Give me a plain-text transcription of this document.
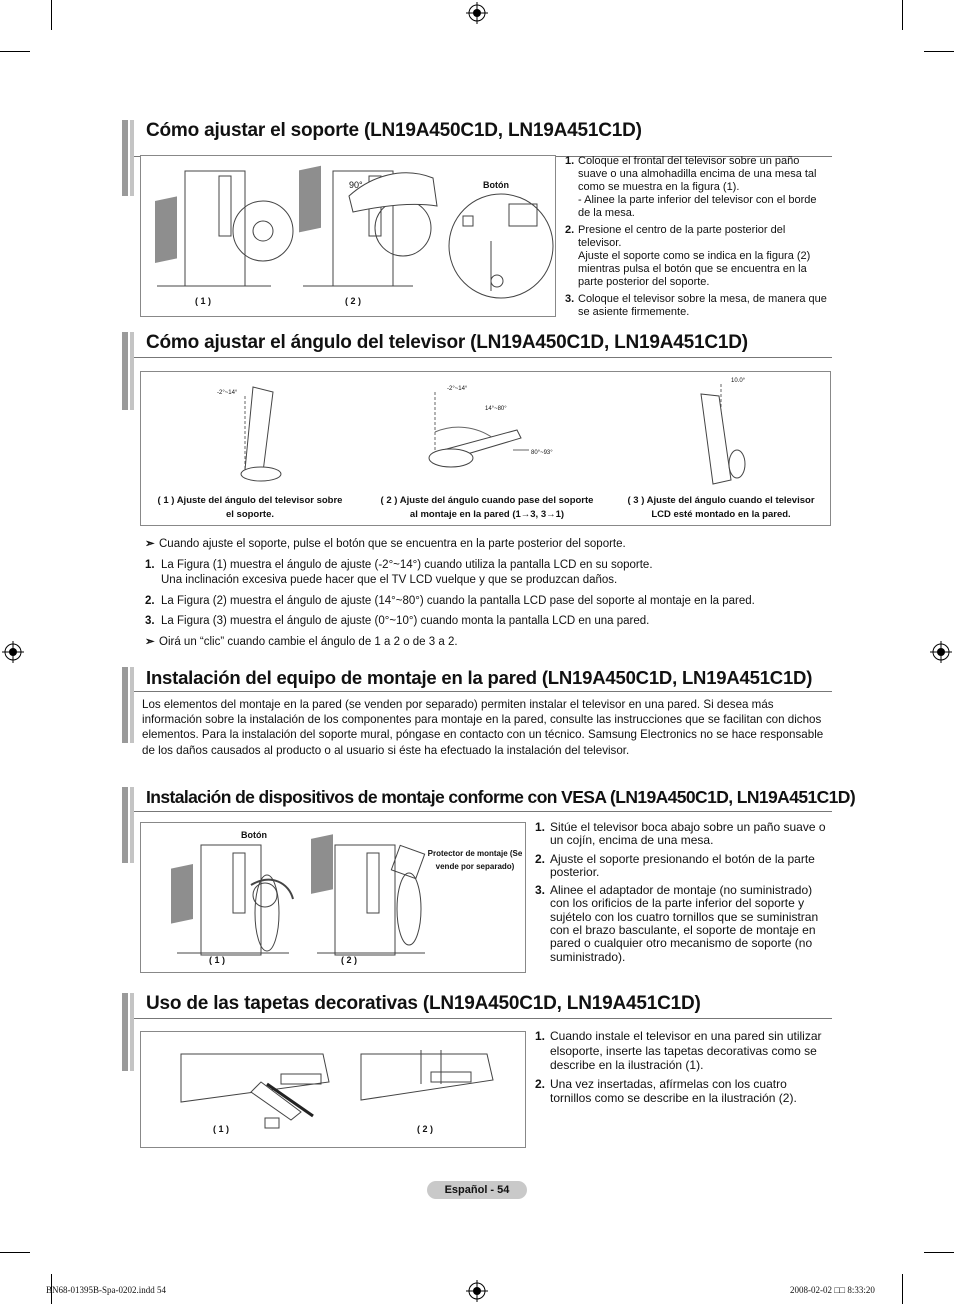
Cómo ajustar el soporte (LN19A450C1D, LN19A451C1D)
90°	Botón
( 1 )	( 2 )
1. Coloque el frontal del televisor sobre un paño suave o una almohadilla encima de una mesa tal como se muestra en la figura (1).
- Alinee la parte inferior del televisor con el borde de la mesa.
2. Presione el centro de la parte posterior del televisor.
Ajuste el soporte como se indica en la figura (2) mientras pulsa el botón que se encuentra en la parte posterior del soporte.
3. Coloque el televisor sobre la mesa, de manera que se asiente firmemente.
Cómo ajustar el ángulo del televisor (LN19A450C1D, LN19A451C1D)
-2°~14°
-2°~14°
14°~80°
80°~93°
10.0°
( 1 ) Ajuste del ángulo del televisor sobre el soporte.
( 2 ) Ajuste del ángulo cuando pase del soporte al montaje en la pared (1→3, 3→1)
( 3 ) Ajuste del ángulo cuando el televisor LCD esté montado en la pared.
➣ Cuando ajuste el soporte, pulse el botón que se encuentra en la parte posterior del soporte.
1. La Figura (1) muestra el ángulo de ajuste (-2°~14°) cuando utiliza la pantalla LCD en su soporte.
Una inclinación excesiva puede hacer que el TV LCD vuelque y que se produzcan daños.
2. La Figura (2) muestra el ángulo de ajuste (14°~80°) cuando la pantalla LCD pase del soporte al montaje en la pared.
3. La Figura (3) muestra el ángulo de ajuste (0°~10°) cuando monta la pantalla LCD en una pared.
➣ Oirá un “clic” cuando cambie el ángulo de 1 a 2 o de 3 a 2.
Instalación del equipo de montaje en la pared (LN19A450C1D, LN19A451C1D)
Los elementos del montaje en la pared (se venden por separado) permiten instalar el televisor en una pared. Si desea más información sobre la instalación de los componentes para montaje en la pared, consulte las instrucciones que se facilitan con dichos elementos. Para la instalación del soporte mural, póngase en contacto con un técnico. Samsung Electronics no se hace responsable de los daños causados al producto o al usuario si éste ha efectuado la instalación del televisor.
Instalación de dispositivos de montaje conforme con VESA (LN19A450C1D, LN19A451C1D)
Botón
Protector de montaje (Se vende por separado)
( 1 )	( 2 )
1. Sitúe el televisor boca abajo sobre un paño suave o un cojín, encima de una mesa.
2. Ajuste el soporte presionando el botón de la parte posterior.
3. Alinee el adaptador de montaje (no suministrado) con los orificios de la parte inferior del soporte y sujételo con los cuatro tornillos que se suministran con el brazo basculante, el soporte de montaje en pared o cualquier otro mecanismo de soporte (no suministrado).
Uso de las tapetas decorativas (LN19A450C1D, LN19A451C1D)
( 1 )	( 2 )
1. Cuando instale el televisor en una pared sin utilizar elsoporte, inserte las tapetas decorativas como se describe en la ilustración (1).
2. Una vez insertadas, afírmelas con los cuatro tornillos como se describe en la ilustración (2).
Español - 54
BN68-01395B-Spa-0202.indd 54	2008-02-02 □□ 8:33:20
